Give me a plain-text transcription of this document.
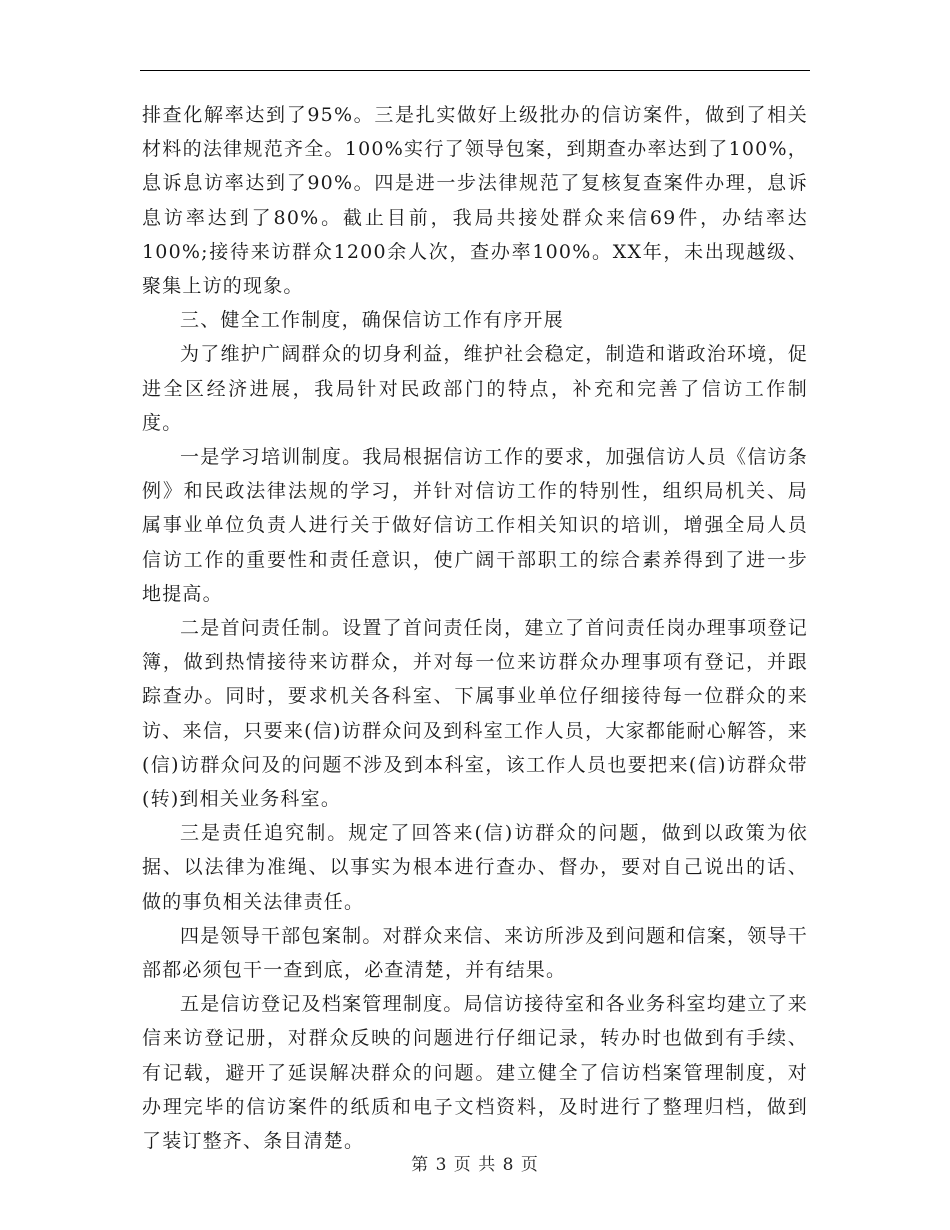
排查化解率达到了95%。三是扎实做好上级批办的信访案件，做到了相关材料的法律规范齐全。100%实行了领导包案，到期查办率达到了100%，息诉息访率达到了90%。四是进一步法律规范了复核复查案件办理，息诉息访率达到了80%。截止目前，我局共接处群众来信69件，办结率达100%;接待来访群众1200余人次，查办率100%。XX年，未出现越级、聚集上访的现象。

三、健全工作制度，确保信访工作有序开展

为了维护广阔群众的切身利益，维护社会稳定，制造和谐政治环境，促进全区经济进展，我局针对民政部门的特点，补充和完善了信访工作制度。

一是学习培训制度。我局根据信访工作的要求，加强信访人员《信访条例》和民政法律法规的学习，并针对信访工作的特别性，组织局机关、局属事业单位负责人进行关于做好信访工作相关知识的培训，增强全局人员信访工作的重要性和责任意识，使广阔干部职工的综合素养得到了进一步地提高。

二是首问责任制。设置了首问责任岗，建立了首问责任岗办理事项登记簿，做到热情接待来访群众，并对每一位来访群众办理事项有登记，并跟踪查办。同时，要求机关各科室、下属事业单位仔细接待每一位群众的来访、来信，只要来(信)访群众问及到科室工作人员，大家都能耐心解答，来(信)访群众问及的问题不涉及到本科室，该工作人员也要把来(信)访群众带(转)到相关业务科室。

三是责任追究制。规定了回答来(信)访群众的问题，做到以政策为依据、以法律为准绳、以事实为根本进行查办、督办，要对自己说出的话、做的事负相关法律责任。

四是领导干部包案制。对群众来信、来访所涉及到问题和信案，领导干部都必须包干一查到底，必查清楚，并有结果。

五是信访登记及档案管理制度。局信访接待室和各业务科室均建立了来信来访登记册，对群众反映的问题进行仔细记录，转办时也做到有手续、有记载，避开了延误解决群众的问题。建立健全了信访档案管理制度，对办理完毕的信访案件的纸质和电子文档资料，及时进行了整理归档，做到了装订整齐、条目清楚。

第 3 页 共 8 页
